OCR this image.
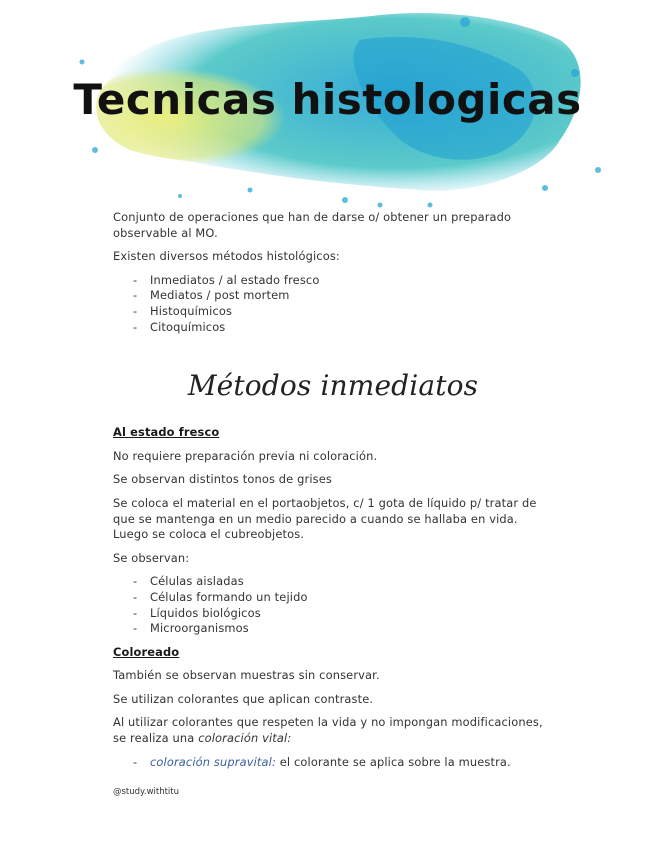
Tecnicas histologicas

Conjunto de operaciones que han de darse o/ obtener un preparado observable al MO.

Existen diversos métodos histológicos:

- Inmediatos / al estado fresco
- Mediatos / post mortem
- Histoquímicos
- Citoquímicos
Métodos inmediatos
Al estado fresco

No requiere preparación previa ni coloración.

Se observan distintos tonos de grises

Se coloca el material en el portaobjetos, c/ 1 gota de líquido p/ tratar de que se mantenga en un medio parecido a cuando se hallaba en vida. Luego se coloca el cubreobjetos.

Se observan:

- Células aisladas
- Células formando un tejido
- Líquidos biológicos
- Microorganismos
Coloreado

También se observan muestras sin conservar.

Se utilizan colorantes que aplican contraste.

Al utilizar colorantes que respeten la vida y no impongan modificaciones, se realiza una coloración vital:

- coloración supravital: el colorante se aplica sobre la muestra.
@study.withtitu
